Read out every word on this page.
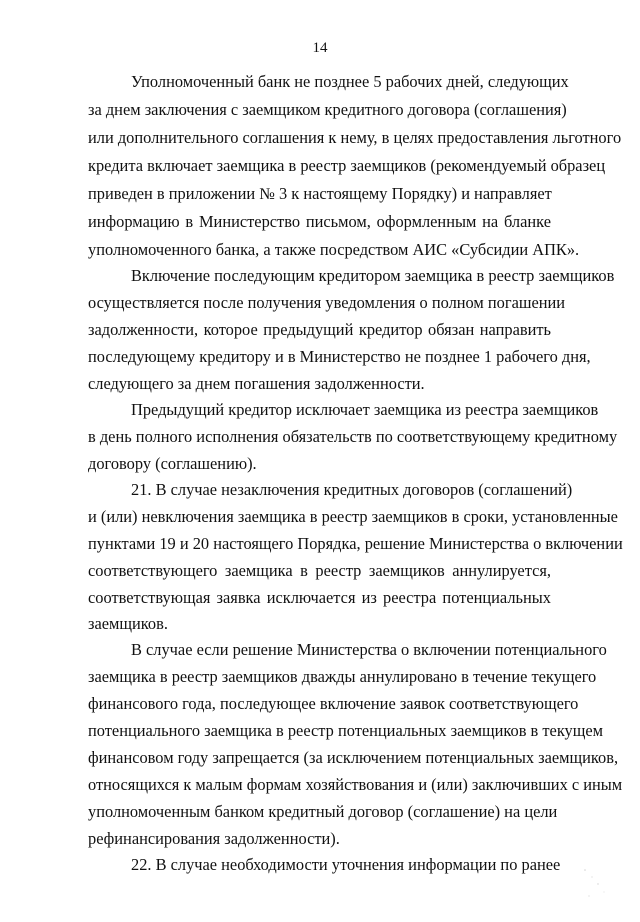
14
Уполномоченный банк не позднее 5 рабочих дней, следующих
за днем заключения с заемщиком кредитного договора (соглашения)
или дополнительного соглашения к нему, в целях предоставления льготного
кредита включает заемщика в реестр заемщиков (рекомендуемый образец
приведен в приложении № 3 к настоящему Порядку) и направляет
информацию в Министерство письмом, оформленным на бланке
уполномоченного банка, а также посредством АИС «Субсидии АПК».
Включение последующим кредитором заемщика в реестр заемщиков
осуществляется после получения уведомления о полном погашении
задолженности, которое предыдущий кредитор обязан направить
последующему кредитору и в Министерство не позднее 1 рабочего дня,
следующего за днем погашения задолженности.
Предыдущий кредитор исключает заемщика из реестра заемщиков
в день полного исполнения обязательств по соответствующему кредитному
договору (соглашению).
21. В случае незаключения кредитных договоров (соглашений)
и (или) невключения заемщика в реестр заемщиков в сроки, установленные
пунктами 19 и 20 настоящего Порядка, решение Министерства о включении
соответствующего заемщика в реестр заемщиков аннулируется,
соответствующая заявка исключается из реестра потенциальных
заемщиков.
В случае если решение Министерства о включении потенциального
заемщика в реестр заемщиков дважды аннулировано в течение текущего
финансового года, последующее включение заявок соответствующего
потенциального заемщика в реестр потенциальных заемщиков в текущем
финансовом году запрещается (за исключением потенциальных заемщиков,
относящихся к малым формам хозяйствования и (или) заключивших с иным
уполномоченным банком кредитный договор (соглашение) на цели
рефинансирования задолженности).
22. В случае необходимости уточнения информации по ранее
